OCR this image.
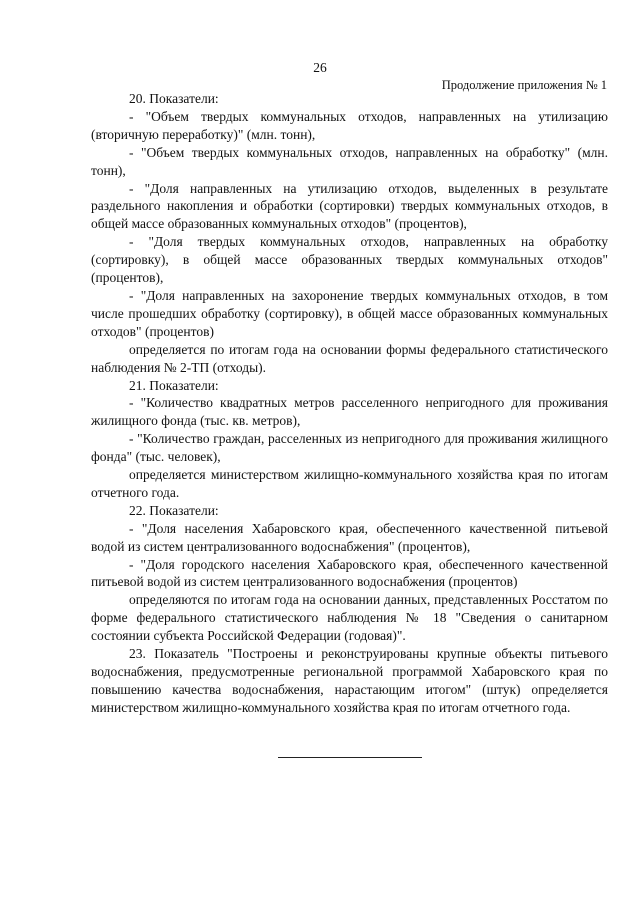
26
Продолжение приложения № 1

20. Показатели:

- "Объем твердых коммунальных отходов, направленных на утилизацию (вторичную переработку)" (млн. тонн),

- "Объем твердых коммунальных отходов, направленных на обработку" (млн. тонн),

- "Доля направленных на утилизацию отходов, выделенных в результате раздельного накопления и обработки (сортировки) твердых коммунальных отходов, в общей массе образованных коммунальных отходов" (процентов),

- "Доля твердых коммунальных отходов, направленных на обработку (сортировку), в общей массе образованных твердых коммунальных отходов" (процентов),

- "Доля направленных на захоронение твердых коммунальных отходов, в том числе прошедших обработку (сортировку), в общей массе образованных коммунальных отходов" (процентов)

определяется по итогам года на основании формы федерального статистического наблюдения № 2-ТП (отходы).

21. Показатели:

- "Количество квадратных метров расселенного непригодного для проживания жилищного фонда (тыс. кв. метров),

- "Количество граждан, расселенных из непригодного для проживания жилищного фонда" (тыс. человек),

определяется министерством жилищно-коммунального хозяйства края по итогам отчетного года.

22. Показатели:

- "Доля населения Хабаровского края, обеспеченного качественной питьевой водой из систем централизованного водоснабжения" (процентов),

- "Доля городского населения Хабаровского края, обеспеченного качественной питьевой водой из систем централизованного водоснабжения (процентов)

определяются по итогам года на основании данных, представленных Росстатом по форме федерального статистического наблюдения № 18 "Сведения о санитарном состоянии субъекта Российской Федерации (годовая)".

23. Показатель "Построены и реконструированы крупные объекты питьевого водоснабжения, предусмотренные региональной программой Хабаровского края по повышению качества водоснабжения, нарастающим итогом" (штук) определяется министерством жилищно-коммунального хозяйства края по итогам отчетного года.
